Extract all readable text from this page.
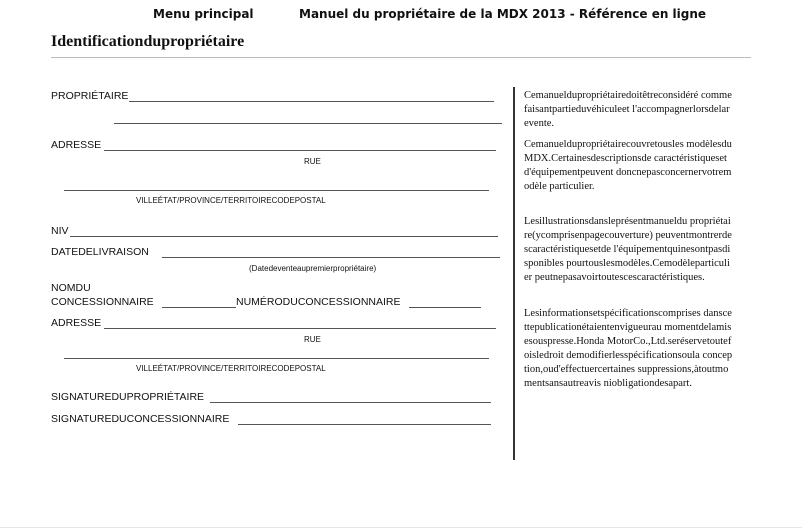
Menu principal	Manuel du propriétaire de la MDX 2013 - Référence en ligne
Identificationdupropriétaire
PROPRIÉTAIRE
ADRESSE
RUE
VILLEÉTAT/PROVINCE/TERRITOIRECODEPOSTAL
NIV
DATEDELIVRAISON
(Datedeventeaupremierpropriétaire)
NOMDU
CONCESSIONNAIRE	NUMÉRODUCONCESSIONNAIRE
ADRESSE
RUE
VILLEÉTAT/PROVINCE/TERRITOIRECODEPOSTAL
SIGNATUREDUPROPRIÉTAIRE
SIGNATUREDUCONCESSIONNAIRE

Cemanueldupropriétairedoitêtreconsidéré commefaisantpartieduvéhiculeet l'accompagnerlorsdelarevente.

Cemanueldupropriétairecouvretousles modèlesduMDX.Certainesdescriptionsde caractéristiquesetd'équipementpeuvent doncnepasconcernervotremodèle particulier.

Lesillustrationsdansleprésentmanueldu propriétaire(ycomprisenpagecouverture) peuventmontrerdescaractéristiquesetde l'équipementquinesontpasdisponibles pourtouslesmodèles.Cemodèleparticulier peutnepasavoirtoutescescaractéristiques.

Lesinformationsetspécificationscomprises danscettepublicationétaientenvigueurau momentdelamisesouspresse.Honda MotorCo.,Ltd.seréservetoutefoisledroit demodifierlesspécificationsoula conception,oud'effectuercertaines suppressions,àtoutmomentsansautreavis niobligationdesapart.
